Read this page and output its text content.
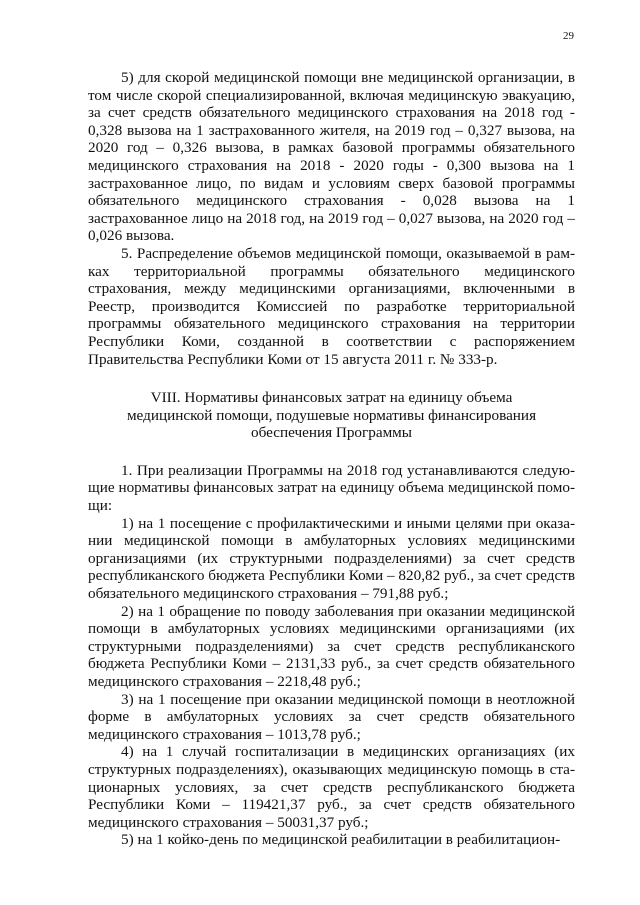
29

5) для скорой медицинской помощи вне медицинской организации, в том числе скорой специализированной, включая медицинскую эвакуацию, за счет средств обязательного медицинского страхования на 2018 год - 0,328 вызова на 1 застрахованного жителя, на 2019 год – 0,327 вызова, на 2020 год – 0,326 вызова, в рамках базовой программы обязательного медицинского страхования на 2018 - 2020 годы - 0,300 вызова на 1 застрахованное лицо, по видам и условиям сверх базовой программы обязательного медицинского страхования - 0,028 вызова на 1 застрахованное лицо на 2018 год, на 2019 год – 0,027 вызова, на 2020 год – 0,026 вызова.

5. Распределение объемов медицинской помощи, оказываемой в рамках территориальной программы обязательного медицинского страхования, между медицинскими организациями, включенными в Реестр, производится Комиссией по разработке территориальной программы обязательного медицинского страхования на территории Республики Коми, созданной в соответствии с распоряжением Правительства Республики Коми от 15 августа 2011 г. № 333-р.

VIII. Нормативы финансовых затрат на единицу объема
медицинской помощи, подушевые нормативы финансирования
обеспечения Программы

1. При реализации Программы на 2018 год устанавливаются следующие нормативы финансовых затрат на единицу объема медицинской помощи:

1) на 1 посещение с профилактическими и иными целями при оказании медицинской помощи в амбулаторных условиях медицинскими организациями (их структурными подразделениями) за счет средств республиканского бюджета Республики Коми – 820,82 руб., за счет средств обязательного медицинского страхования – 791,88 руб.;

2) на 1 обращение по поводу заболевания при оказании медицинской помощи в амбулаторных условиях медицинскими организациями (их структурными подразделениями) за счет средств республиканского бюджета Республики Коми – 2131,33 руб., за счет средств обязательного медицинского страхования – 2218,48 руб.;

3) на 1 посещение при оказании медицинской помощи в неотложной форме в амбулаторных условиях за счет средств обязательного медицинского страхования – 1013,78 руб.;

4) на 1 случай госпитализации в медицинских организациях (их структурных подразделениях), оказывающих медицинскую помощь в стационарных условиях, за счет средств республиканского бюджета Республики Коми – 119421,37 руб., за счет средств обязательного медицинского страхования – 50031,37 руб.;

5) на 1 койко-день по медицинской реабилитации в реабилитацион-
